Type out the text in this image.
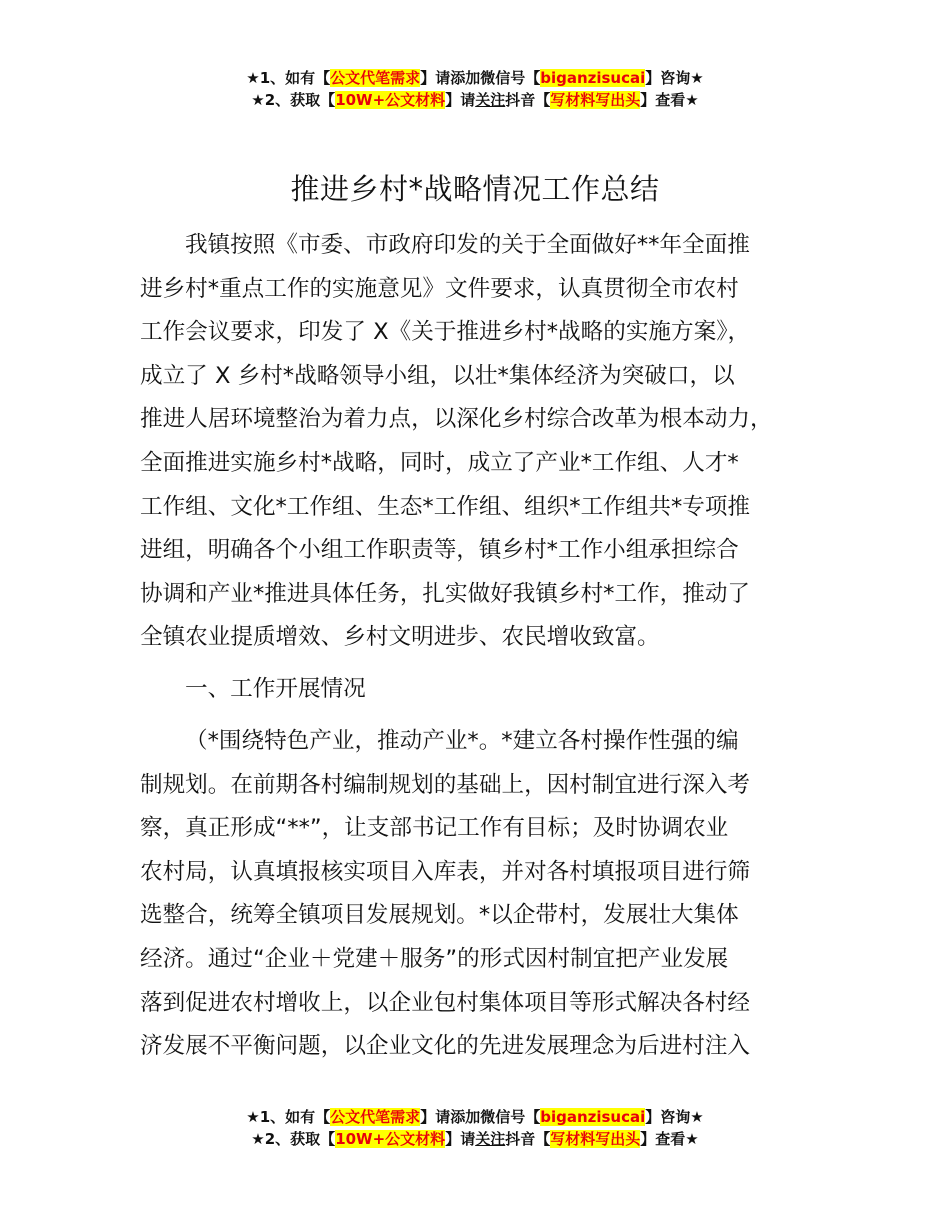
★1、如有【公文代笔需求】请添加微信号【biganzisucai】咨询★
★2、获取【10W+公文材料】请关注抖音【写材料写出头】查看★
推进乡村*战略情况工作总结
我镇按照《市委、市政府印发的关于全面做好**年全面推
进乡村*重点工作的实施意见》文件要求，认真贯彻全市农村
工作会议要求，印发了 X《关于推进乡村*战略的实施方案》，
成立了 X 乡村*战略领导小组，以壮*集体经济为突破口，以
推进人居环境整治为着力点，以深化乡村综合改革为根本动力，
全面推进实施乡村*战略，同时，成立了产业*工作组、人才*
工作组、文化*工作组、生态*工作组、组织*工作组共*专项推
进组，明确各个小组工作职责等，镇乡村*工作小组承担综合
协调和产业*推进具体任务，扎实做好我镇乡村*工作，推动了
全镇农业提质增效、乡村文明进步、农民增收致富。
一、工作开展情况
（*围绕特色产业，推动产业*。*建立各村操作性强的编
制规划。在前期各村编制规划的基础上，因村制宜进行深入考
察，真正形成“**”，让支部书记工作有目标；及时协调农业
农村局，认真填报核实项目入库表，并对各村填报项目进行筛
选整合，统筹全镇项目发展规划。*以企带村，发展壮大集体
经济。通过“企业＋党建＋服务”的形式因村制宜把产业发展
落到促进农村增收上，以企业包村集体项目等形式解决各村经
济发展不平衡问题，以企业文化的先进发展理念为后进村注入
★1、如有【公文代笔需求】请添加微信号【biganzisucai】咨询★
★2、获取【10W+公文材料】请关注抖音【写材料写出头】查看★
